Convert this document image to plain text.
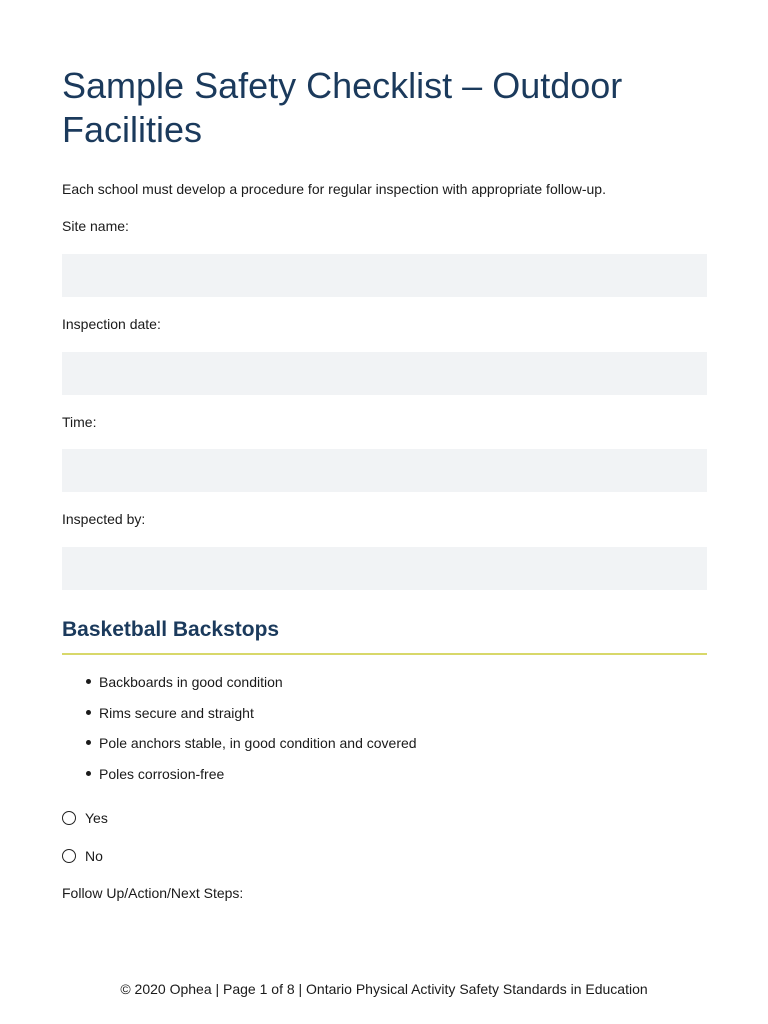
Sample Safety Checklist – Outdoor Facilities

Each school must develop a procedure for regular inspection with appropriate follow-up.

Site name:

Inspection date:

Time:

Inspected by:

Basketball Backstops
Backboards in good condition
Rims secure and straight
Pole anchors stable, in good condition and covered
Poles corrosion-free
Yes
No

Follow Up/Action/Next Steps:

© 2020 Ophea | Page 1 of 8 | Ontario Physical Activity Safety Standards in Education
